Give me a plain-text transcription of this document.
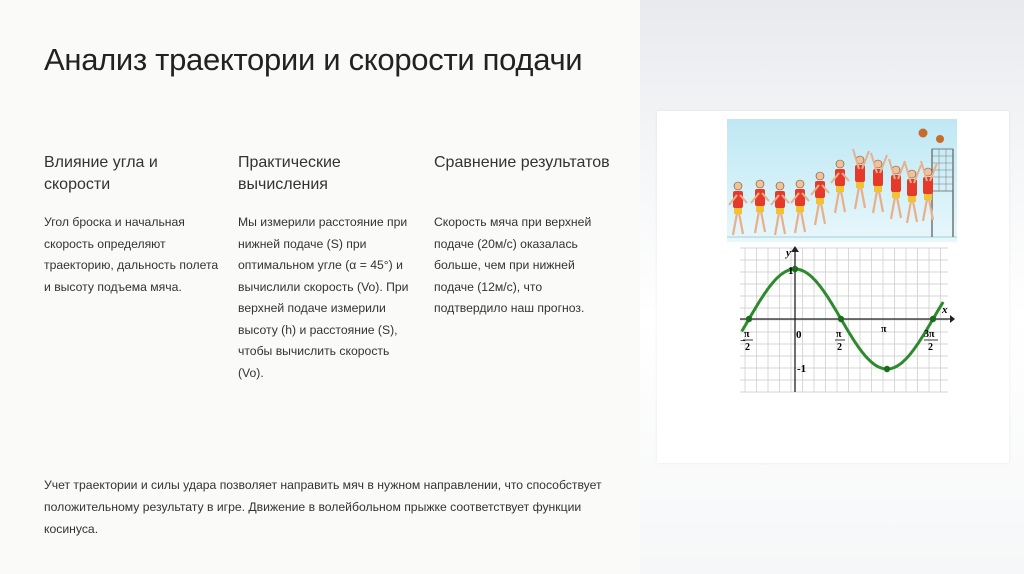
Анализ траектории и скорости подачи
Влияние угла и скорости

Угол броска и начальная скорость определяют траекторию, дальность полета и высоту подъема мяча.

Практические вычисления

Мы измерили расстояние при нижней подаче (S) при оптимальном угле (α = 45°) и вычислили скорость (Vo). При верхней подаче измерили высоту (h) и расстояние (S), чтобы вычислить скорость (Vo).

Сравнение результатов

Скорость мяча при верхней подаче (20м/с) оказалась больше, чем при нижней подаче (12м/с), что подтвердило наш прогноз.

Учет траектории и силы удара позволяет направить мяч в нужном направлении, что способствует положительному результату в игре. Движение в волейбольном прыжке соответствует функции косинуса.

y
x
1
-1
0
−
π
2
π
2
π	3π
2
